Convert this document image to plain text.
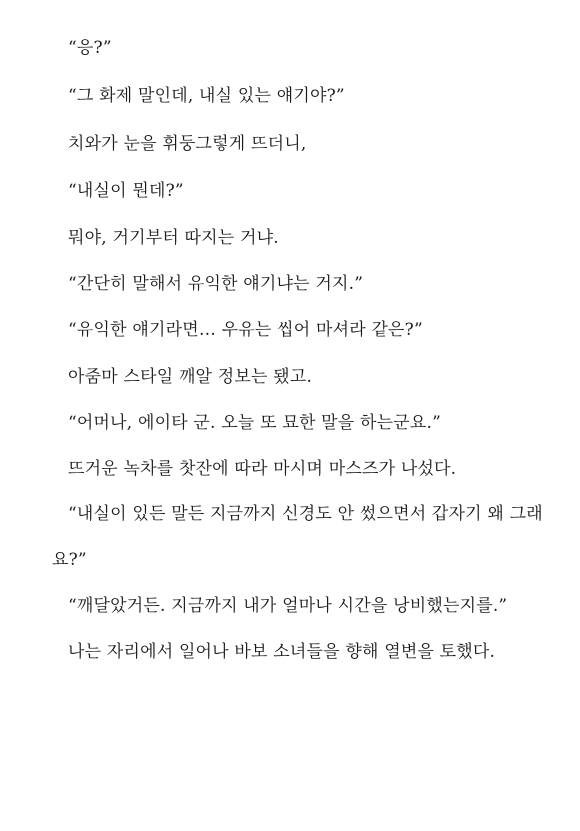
“응?”
“그 화제 말인데, 내실 있는 얘기야?”
치와가 눈을 휘둥그렇게 뜨더니,
“내실이 뭔데?”
뭐야, 거기부터 따지는 거냐.
“간단히 말해서 유익한 얘기냐는 거지.”
“유익한 얘기라면… 우유는 씹어 마셔라 같은?”
아줌마 스타일 깨알 정보는 됐고.
“어머나, 에이타 군. 오늘 또 묘한 말을 하는군요.”
뜨거운 녹차를 찻잔에 따라 마시며 마스즈가 나섰다.
“내실이 있든 말든 지금까지 신경도 안 썼으면서 갑자기 왜 그래
요?”
“깨달았거든. 지금까지 내가 얼마나 시간을 낭비했는지를.”
나는 자리에서 일어나 바보 소녀들을 향해 열변을 토했다.
